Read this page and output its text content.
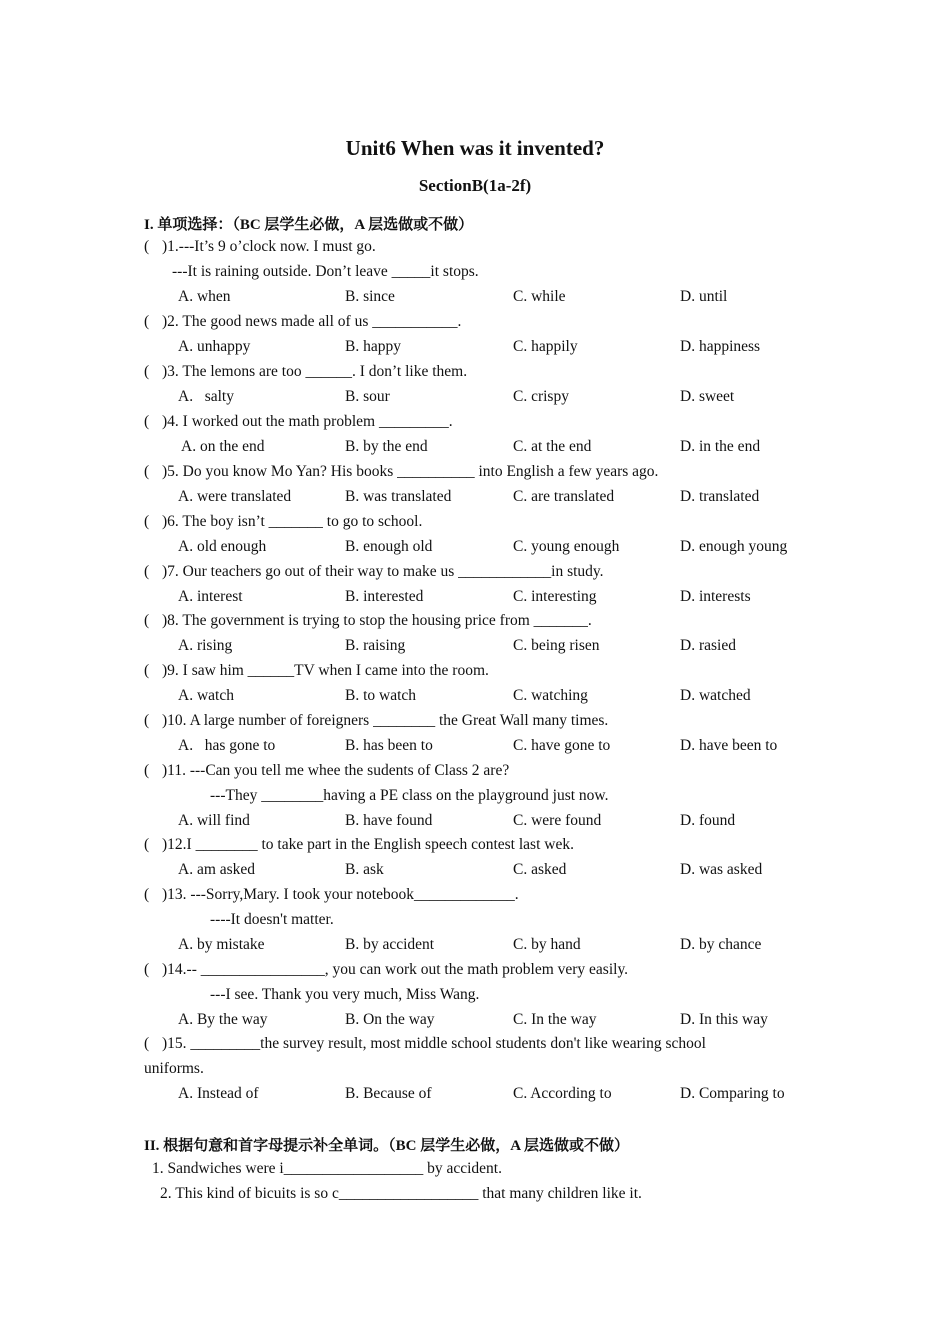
Unit6 When was it invented?
SectionB(1a-2f)
I. 单项选择：（BC 层学生必做，A 层选做或不做）
( )1.---It’s 9 o’clock now. I must go.
---It is raining outside. Don’t leave _____it stops.
A. when	B. since	C. while	D. until
( )2. The good news made all of us ___________.
A. unhappy	B. happy	C. happily	D. happiness
( )3. The lemons are too ______. I don’t like them.
A.   salty	B. sour	C. crispy	D. sweet
( )4. I worked out the math problem _________.
A. on the end	B. by the end	C. at the end	D. in the end
( )5. Do you know Mo Yan? His books __________ into English a few years ago.
A. were translated	B. was translated	C. are translated	D. translated
( )6. The boy isn’t _______ to go to school.
A. old enough	B. enough old	C. young enough	D. enough young
( )7. Our teachers go out of their way to make us ____________in study.
A. interest	B. interested	C. interesting	D. interests
( )8. The government is trying to stop the housing price from _______.
A. rising	B. raising	C. being risen	D. rasied
( )9. I saw him ______TV when I came into the room.
A. watch	B. to watch	C. watching	D. watched
( )10. A large number of foreigners ________ the Great Wall many times.
A.   has gone to	B. has been to	C. have gone to	D. have been to
( )11. ---Can you tell me whee the sudents of Class 2 are?
---They ________having a PE class on the playground just now.
A. will find	B. have found	C. were found	D. found
( )12.I ________ to take part in the English speech contest last wek.
A. am asked	B. ask	C. asked	D. was asked
( )13. ---Sorry,Mary. I took your notebook_____________.
----It doesn't matter.
A. by mistake	B. by accident	C. by hand	D. by chance
( )14.-- ________________, you can work out the math problem very easily.
---I see. Thank you very much, Miss Wang.
A. By the way	B. On the way	C. In the way	D. In this way
( )15. _________the survey result, most middle school students don't like wearing school uniforms.
A. Instead of	B. Because of	C. According to	D. Comparing to
II. 根据句意和首字母提示补全单词。（BC 层学生必做，A 层选做或不做）
1. Sandwiches were i__________________ by accident.
2. This kind of bicuits is so c__________________ that many children like it.
